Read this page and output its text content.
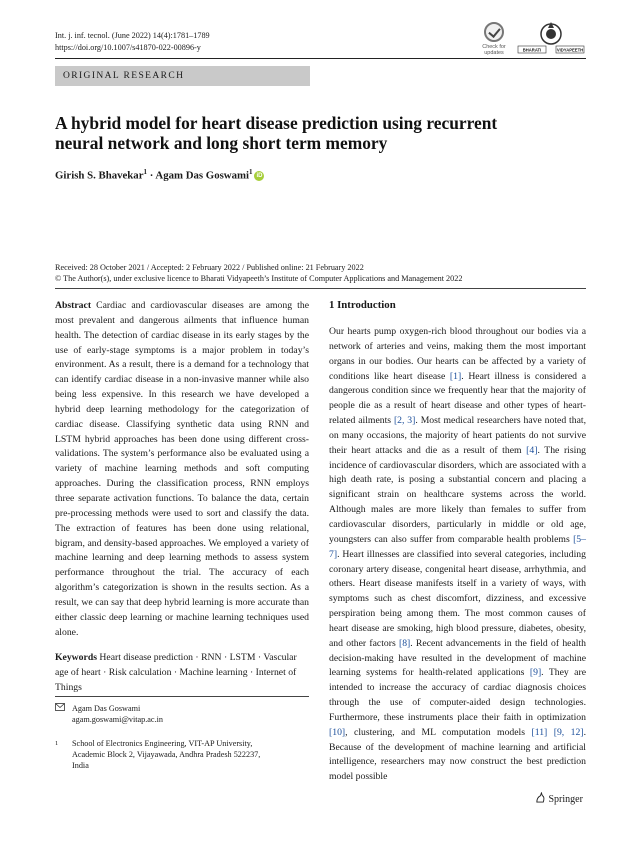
Int. j. inf. tecnol. (June 2022) 14(4):1781–1789
https://doi.org/10.1007/s41870-022-00896-y	Check for updates	BHARATI	VIDYAPEETH
ORIGINAL RESEARCH
A hybrid model for heart disease prediction using recurrent neural network and long short term memory
Girish S. Bhavekar$^1$ · Agam Das Goswami$^1$iD
Received: 28 October 2021 / Accepted: 2 February 2022 / Published online: 21 February 2022
© The Author(s), under exclusive licence to Bharati Vidyapeeth’s Institute of Computer Applications and Management 2022

Abstract Cardiac and cardiovascular diseases are among the most prevalent and dangerous ailments that influence human health. The detection of cardiac disease in its early stages by the use of early-stage symptoms is a major problem in today’s environment. As a result, there is a demand for a technology that can identify cardiac disease in a non-invasive manner while also being less expensive. In this research we have developed a hybrid deep learning methodology for the categorization of cardiac disease. Classifying synthetic data using RNN and LSTM hybrid approaches has been done using different cross-validations. The system’s performance also be evaluated using a variety of machine learning methods and soft computing approaches. During the classification process, RNN employs three separate activation functions. To balance the data, certain pre-processing methods were used to sort and classify the data. The extraction of features has been done using relational, bigram, and density-based approaches. We employed a variety of machine learning and deep learning methods to assess system performance throughout the trial. The accuracy of each algorithm’s categorization is shown in the results section. As a result, we can say that deep hybrid learning is more accurate than either classic deep learning or machine learning techniques used alone.

Keywords Heart disease prediction · RNN · LSTM · Vascular age of heart · Risk calculation · Machine learning · Internet of Things

Agam Das Goswami
agam.goswami@vitap.ac.in
1 School of Electronics Engineering, VIT-AP University,
Academic Block 2, Vijayawada, Andhra Pradesh 522237,
India
1 Introduction

Our hearts pump oxygen-rich blood throughout our bodies via a network of arteries and veins, making them the most important organs in our bodies. Our hearts can be affected by a variety of conditions like heart disease [1]. Heart illness is considered a dangerous condition since we frequently hear that the majority of people die as a result of heart disease and other types of heart-related ailments [2, 3]. Most medical researchers have noted that, on many occasions, the majority of heart patients do not survive their heart attacks and die as a result of them [4]. The rising incidence of cardiovascular disorders, which are associated with a high death rate, is posing a substantial concern and placing a significant strain on healthcare systems across the world. Although males are more likely than females to suffer from cardiovascular disorders, particularly in middle or old age, youngsters can also suffer from comparable health problems [5–7]. Heart illnesses are classified into several categories, including coronary artery disease, congenital heart disease, arrhythmia, and others. Heart disease manifests itself in a variety of ways, with symptoms such as chest discomfort, dizziness, and excessive perspiration being among them. The most common causes of heart disease are smoking, high blood pressure, diabetes, obesity, and other factors [8]. Recent advancements in the field of health decision-making have resulted in the development of machine learning systems for health-related applications [9]. They are intended to increase the accuracy of cardiac diagnosis choices through the use of computer-aided design technologies. Furthermore, these instruments place their faith in optimization [10], clustering, and ML computation models [11] [9, 12]. Because of the development of machine learning and artificial intelligence, researchers may now construct the best prediction model possible

Springer
